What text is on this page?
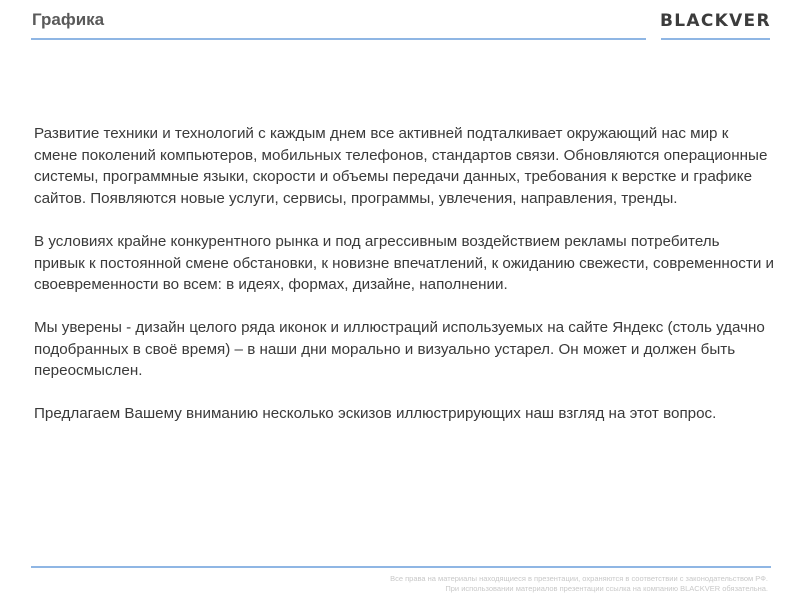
Графика	BLACKVER

Развитие техники и технологий с каждым днем все активней подталкивает окружающий нас мир к смене поколений компьютеров, мобильных телефонов, стандартов связи. Обновляются операционные системы, программные языки, скорости и объемы передачи данных, требования к верстке и графике сайтов. Появляются новые услуги, сервисы, программы, увлечения, направления, тренды.

В условиях крайне конкурентного рынка и под агрессивным воздействием рекламы потребитель привык к постоянной смене обстановки, к новизне впечатлений, к ожиданию свежести, современности и своевременности во всем: в идеях, формах, дизайне, наполнении.

Мы уверены - дизайн целого ряда иконок и иллюстраций используемых на сайте Яндекс (столь удачно подобранных в своё время) – в наши дни морально и визуально устарел. Он может и должен быть переосмыслен.

Предлагаем Вашему вниманию несколько эскизов иллюстрирующих наш взгляд на этот вопрос.

Все права на материалы находящиеся в презентации, охраняются в соответствии с законодательством РФ.
При использовании материалов презентации ссылка на компанию BLACKVER обязательна.
